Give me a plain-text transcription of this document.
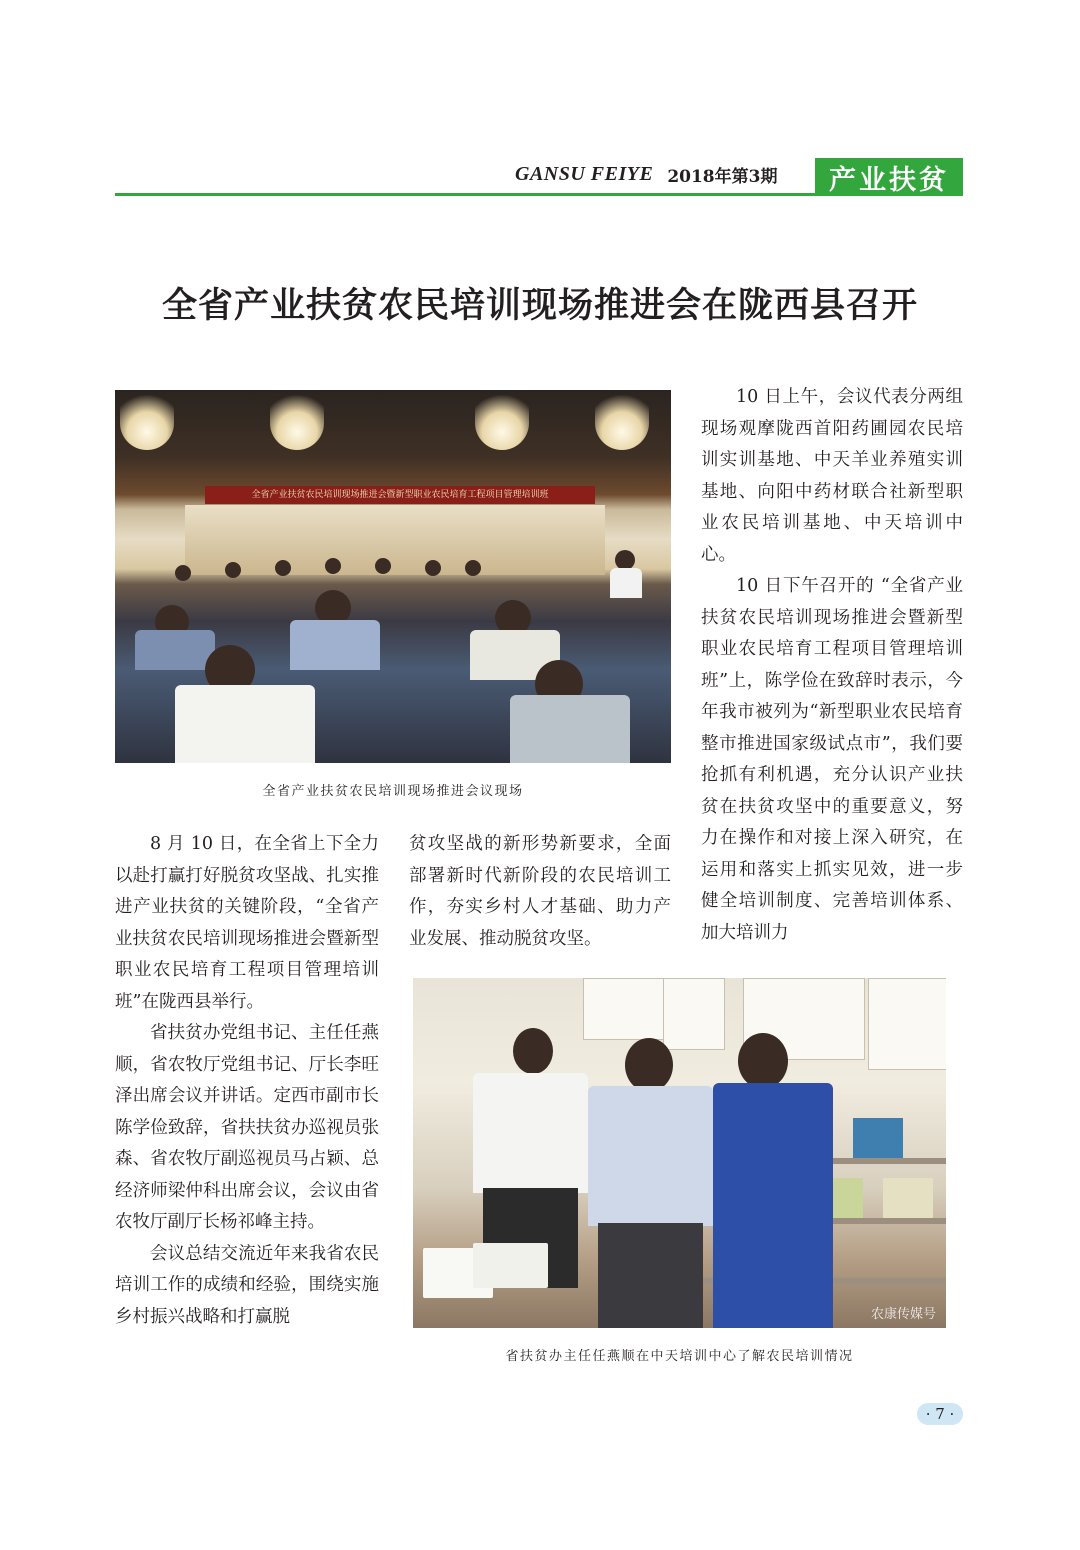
GANSU FEIYE 2018年第3期	产业扶贫
全省产业扶贫农民培训现场推进会在陇西县召开
全省产业扶贫农民培训现场推进会暨新型职业农民培育工程项目管理培训班
全省产业扶贫农民培训现场推进会议现场

8 月 10 日，在全省上下全力以赴打赢打好脱贫攻坚战、扎实推进产业扶贫的关键阶段，“全省产业扶贫农民培训现场推进会暨新型职业农民培育工程项目管理培训班”在陇西县举行。

省扶贫办党组书记、主任任燕顺，省农牧厅党组书记、厅长李旺泽出席会议并讲话。定西市副市长陈学俭致辞，省扶扶贫办巡视员张森、省农牧厅副巡视员马占颖、总经济师梁仲科出席会议，会议由省农牧厅副厅长杨祁峰主持。

会议总结交流近年来我省农民培训工作的成绩和经验，围绕实施乡村振兴战略和打赢脱

贫攻坚战的新形势新要求，全面部署新时代新阶段的农民培训工作，夯实乡村人才基础、助力产业发展、推动脱贫攻坚。

10 日上午，会议代表分两组现场观摩陇西首阳药圃园农民培训实训基地、中天羊业养殖实训基地、向阳中药材联合社新型职业农民培训基地、中天培训中心。

10 日下午召开的 “全省产业扶贫农民培训现场推进会暨新型职业农民培育工程项目管理培训班”上，陈学俭在致辞时表示，今年我市被列为“新型职业农民培育整市推进国家级试点市”，我们要抢抓有利机遇，充分认识产业扶贫在扶贫攻坚中的重要意义，努力在操作和对接上深入研究，在运用和落实上抓实见效，进一步健全培训制度、完善培训体系、加大培训力

农康传媒号
省扶贫办主任任燕顺在中天培训中心了解农民培训情况
· 7 ·
